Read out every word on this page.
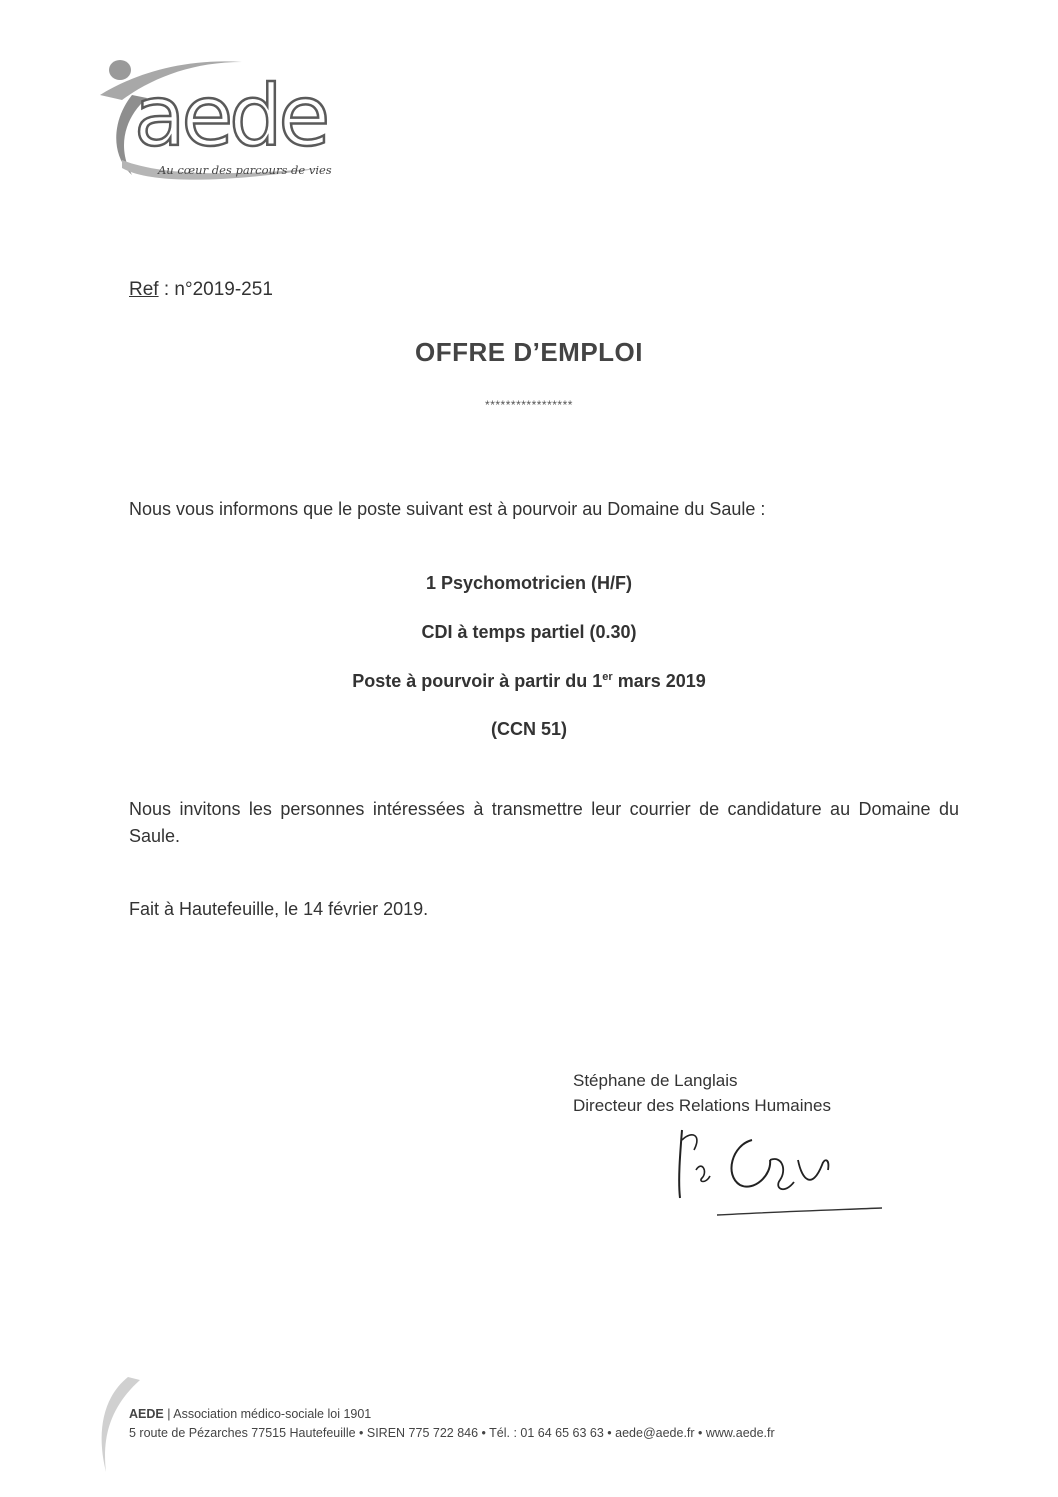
aede
Au cœur des parcours de vies
Ref : n°2019-251
OFFRE D’EMPLOI
*****************
Nous vous informons que le poste suivant est à pourvoir au Domaine du Saule :
1 Psychomotricien (H/F)
CDI à temps partiel (0.30)
Poste à pourvoir à partir du 1er mars 2019
(CCN 51)
Nous invitons les personnes intéressées à transmettre leur courrier de candidature au Domaine du Saule.
Fait à Hautefeuille, le 14 février 2019.
Stéphane de Langlais
Directeur des Relations Humaines
AEDE | Association médico-sociale loi 1901
5 route de Pézarches 77515 Hautefeuille • SIREN 775 722 846 • Tél. : 01 64 65 63 63 • aede@aede.fr • www.aede.fr
